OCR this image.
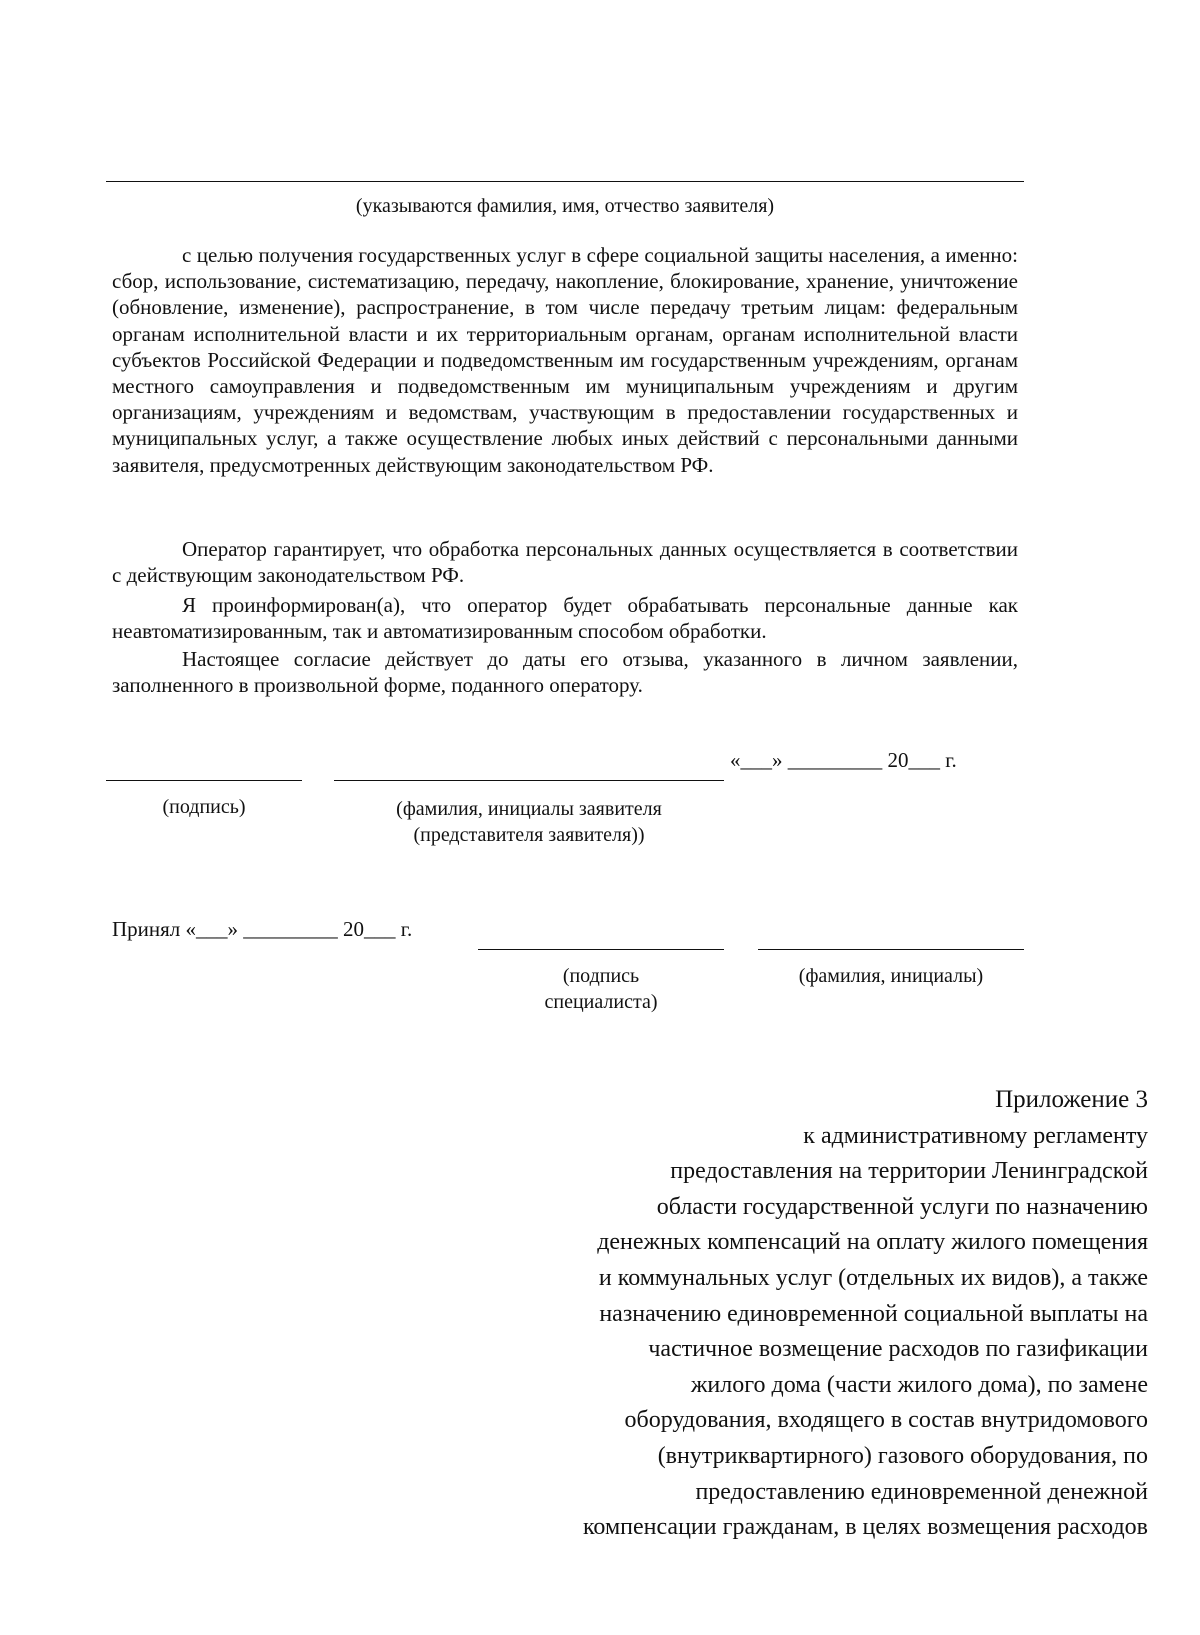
(указываются фамилия, имя, отчество заявителя)
с целью получения государственных услуг в сфере социальной защиты населения, а именно: сбор, использование, систематизацию, передачу, накопление, блокирование, хранение, уничтожение (обновление, изменение), распространение, в том числе передачу третьим лицам: федеральным органам исполнительной власти и их территориальным органам, органам исполнительной власти субъектов Российской Федерации и подведомственным им государственным учреждениям, органам местного самоуправления и подведомственным им муниципальным учреждениям и другим организациям, учреждениям и ведомствам, участвующим в предоставлении государственных и муниципальных услуг, а также осуществление любых иных действий с персональными данными заявителя, предусмотренных действующим законодательством РФ.
Оператор гарантирует, что обработка персональных данных осуществляется в соответствии с действующим законодательством РФ.
Я проинформирован(а), что оператор будет обрабатывать персональные данные как неавтоматизированным, так и автоматизированным способом обработки.
Настоящее согласие действует до даты его отзыва, указанного в личном заявлении, заполненного в произвольной форме, поданного оператору.
«___» _________ 20___ г.
(подпись)	(фамилия, инициалы заявителя
(представителя заявителя))
Принял «___» _________ 20___ г.
(подпись
специалиста)
(фамилия, инициалы)
Приложение 3
к административному регламенту
предоставления на территории Ленинградской
области государственной услуги по назначению
денежных компенсаций на оплату жилого помещения
и коммунальных услуг (отдельных их видов), а также
назначению единовременной социальной выплаты на
частичное возмещение расходов по газификации
жилого дома (части жилого дома), по замене
оборудования, входящего в состав внутридомового
(внутриквартирного) газового оборудования, по
предоставлению единовременной денежной
компенсации гражданам, в целях возмещения расходов
